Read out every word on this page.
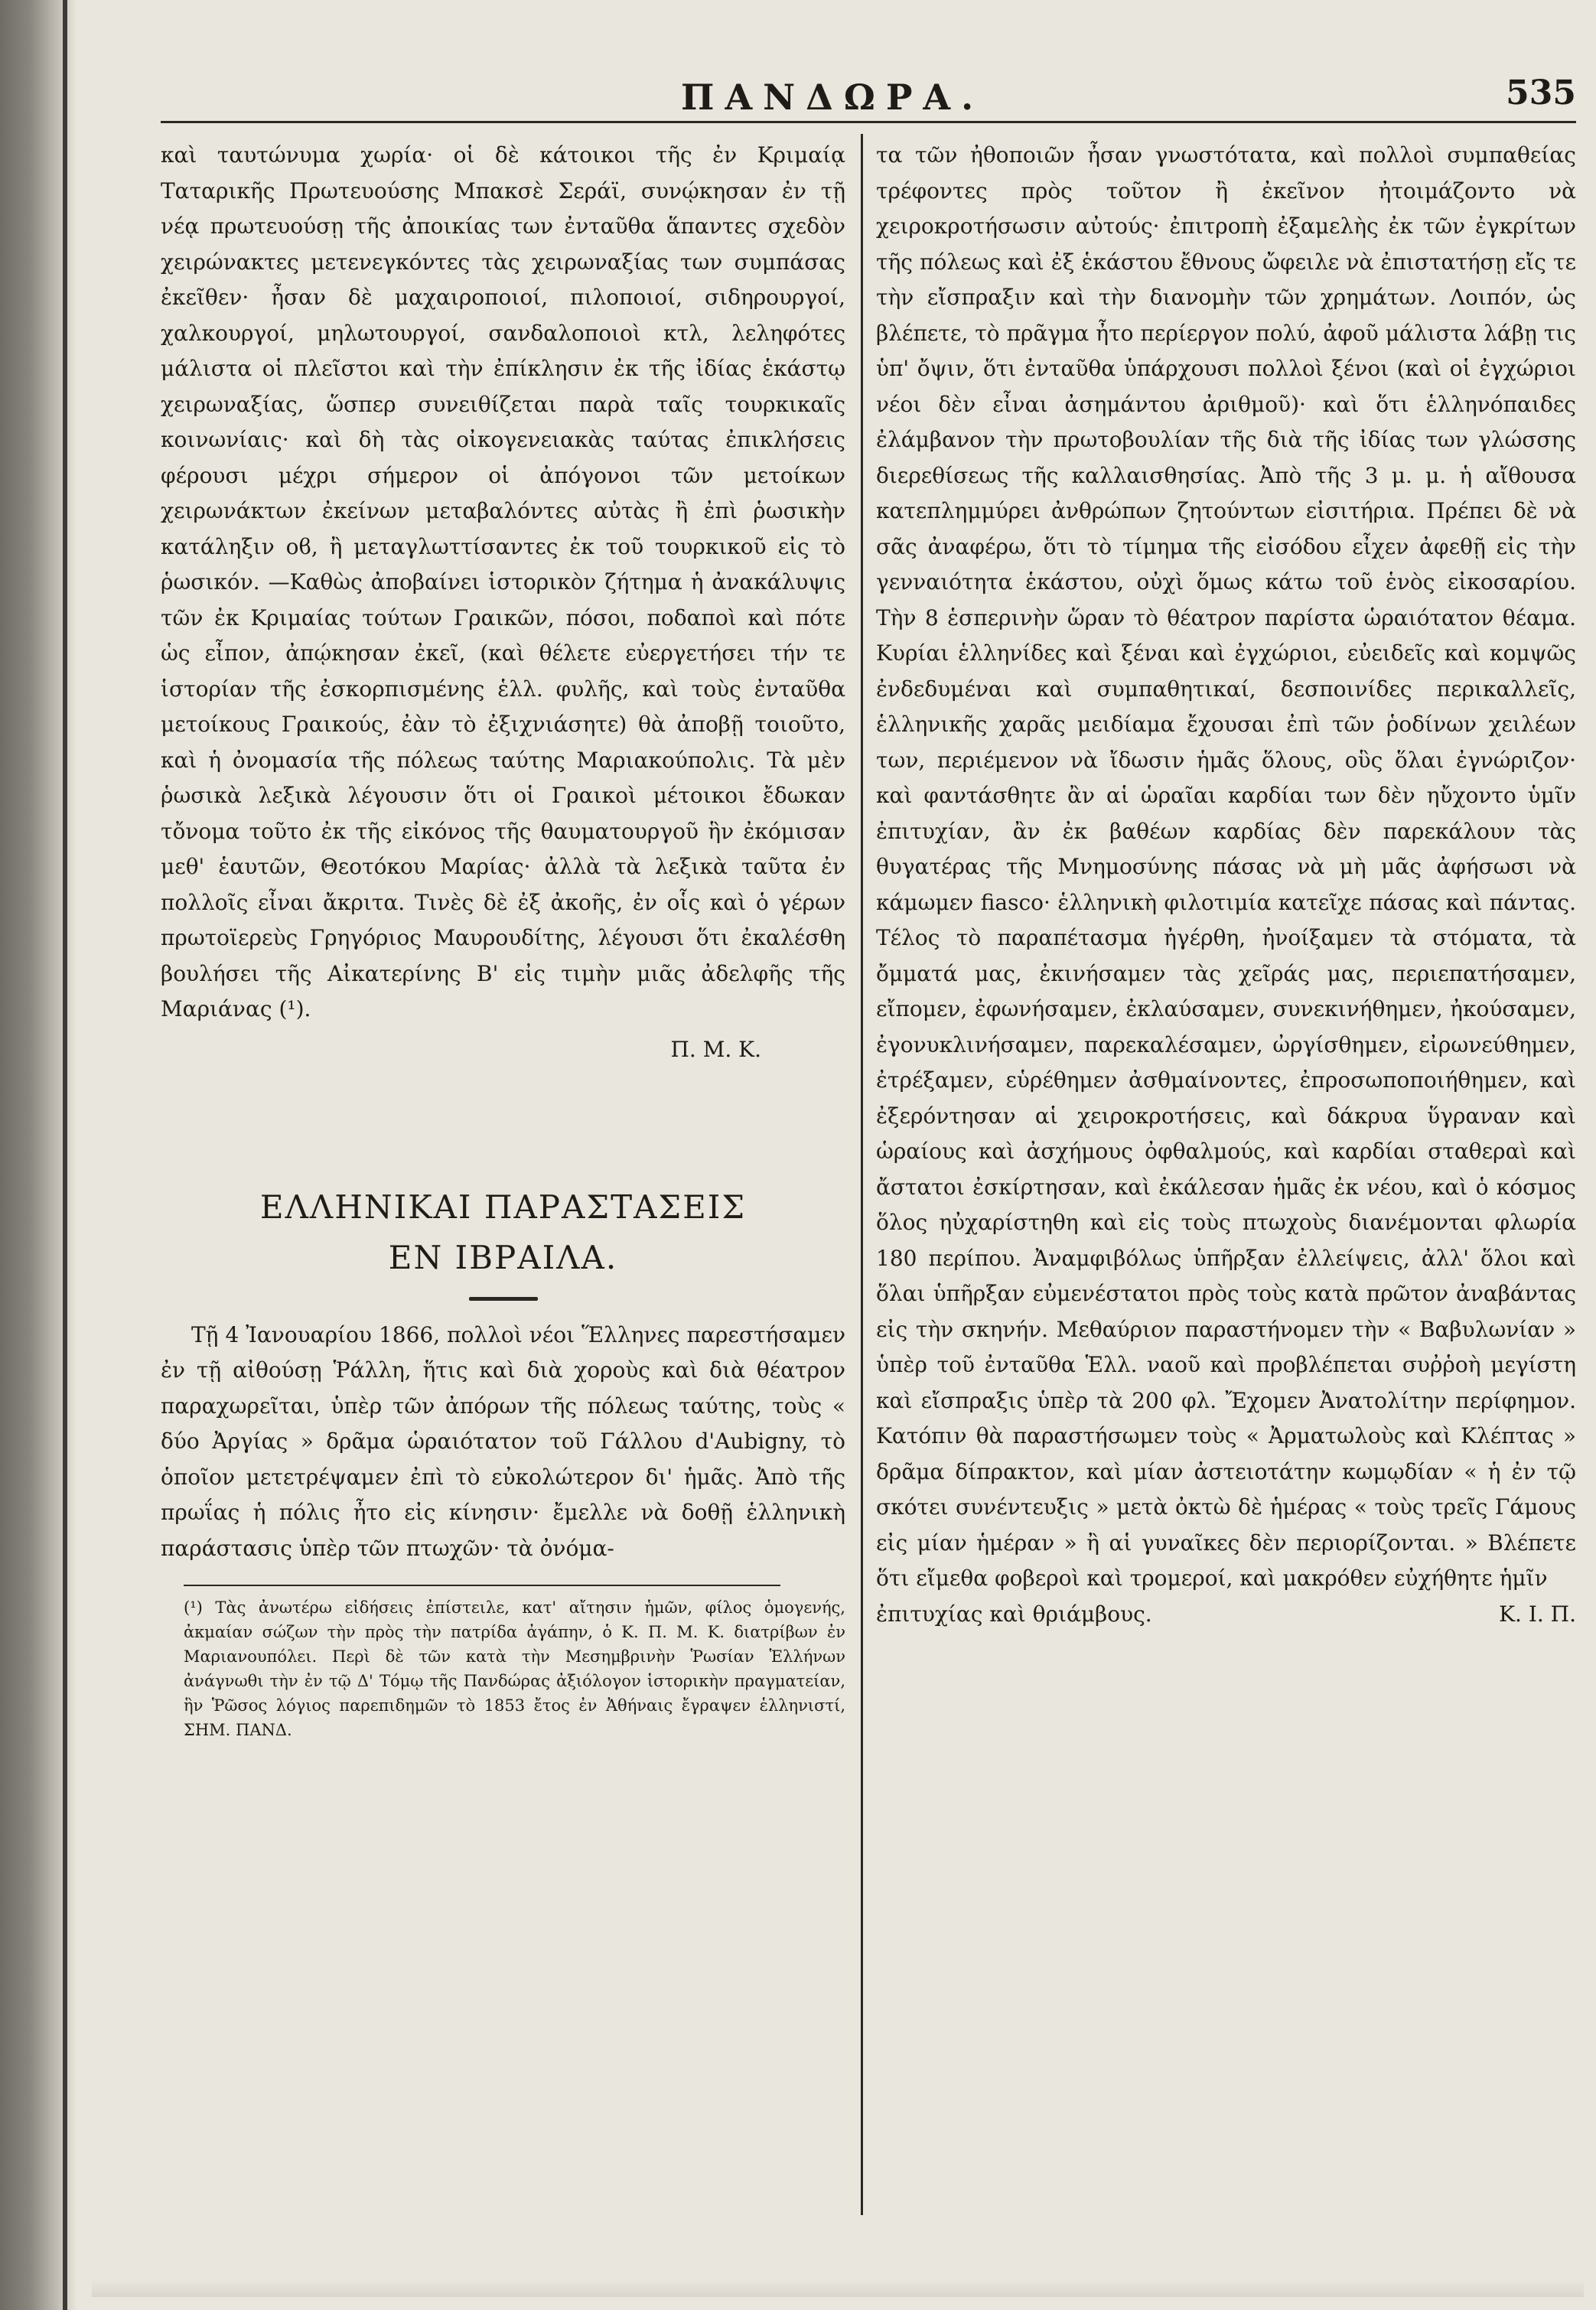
ΠΑΝΔΩΡΑ.	535

καὶ ταυτώνυμα χωρία· οἱ δὲ κάτοικοι τῆς ἐν Κριμαίᾳ Ταταρικῆς Πρωτευούσης Μπακσὲ Σεράϊ, συνῴκησαν ἐν τῇ νέᾳ πρωτευούσῃ τῆς ἀποικίας των ἐνταῦθα ἅπαντες σχεδὸν χειρώνακτες μετενεγκόντες τὰς χειρωναξίας των συμπάσας ἐκεῖθεν· ἦσαν δὲ μαχαιροποιοί, πιλοποιοί, σιδηρουργοί, χαλκουργοί, μηλωτουργοί, σανδαλοποιοὶ κτλ, λεληφότες μάλιστα οἱ πλεῖστοι καὶ τὴν ἐπίκλησιν ἐκ τῆς ἰδίας ἑκάστῳ χειρωναξίας, ὥσπερ συνειθίζεται παρὰ ταῖς τουρκικαῖς κοινωνίαις· καὶ δὴ τὰς οἰκογενειακὰς ταύτας ἐπικλήσεις φέρουσι μέχρι σήμερον οἱ ἀπόγονοι τῶν μετοίκων χειρωνάκτων ἐκείνων μεταβαλόντες αὐτὰς ἢ ἐπὶ ῥωσικὴν κατάληξιν οϐ, ἢ μεταγλωττίσαντες ἐκ τοῦ τουρκικοῦ εἰς τὸ ῥωσικόν. —Καθὼς ἀποβαίνει ἱστορικὸν ζήτημα ἡ ἀνακάλυψις τῶν ἐκ Κριμαίας τούτων Γραικῶν, πόσοι, ποδαποὶ καὶ πότε ὡς εἶπον, ἀπῴκησαν ἐκεῖ, (καὶ θέλετε εὐεργετήσει τήν τε ἱστορίαν τῆς ἐσκορπισμένης ἑλλ. φυλῆς, καὶ τοὺς ἐνταῦθα μετοίκους Γραικούς, ἐὰν τὸ ἐξιχνιάσητε) θὰ ἀποβῇ τοιοῦτο, καὶ ἡ ὀνομασία τῆς πόλεως ταύτης Μαριακούπολις. Τὰ μὲν ῥωσικὰ λεξικὰ λέγουσιν ὅτι οἱ Γραικοὶ μέτοικοι ἔδωκαν τὄνομα τοῦτο ἐκ τῆς εἰκόνος τῆς θαυματουργοῦ ἣν ἐκόμισαν μεθ' ἑαυτῶν, Θεοτόκου Μαρίας· ἀλλὰ τὰ λεξικὰ ταῦτα ἐν πολλοῖς εἶναι ἄκριτα. Τινὲς δὲ ἐξ ἀκοῆς, ἐν οἷς καὶ ὁ γέρων πρωτοϊερεὺς Γρηγόριος Μαυρουδίτης, λέγουσι ὅτι ἐκαλέσθη βουλήσει τῆς Αἰκατερίνης Β' εἰς τιμὴν μιᾶς ἀδελφῆς τῆς Μαριάνας (¹).

Π. Μ. Κ.
ΕΛΛΗΝΙΚΑΙ ΠΑΡΑΣΤΑΣΕΙΣ
ΕΝ ΙΒΡΑΙΛΑ.

Τῇ 4 Ἰανουαρίου 1866, πολλοὶ νέοι Ἕλληνες παρεστήσαμεν ἐν τῇ αἰθούσῃ Ῥάλλη, ἥτις καὶ διὰ χοροὺς καὶ διὰ θέατρον παραχωρεῖται, ὑπὲρ τῶν ἀπόρων τῆς πόλεως ταύτης, τοὺς « δύο Ἀργίας » δρᾶμα ὡραιότατον τοῦ Γάλλου d'Aubigny, τὸ ὁποῖον μετετρέψαμεν ἐπὶ τὸ εὐκολώτερον δι' ἡμᾶς. Ἀπὸ τῆς πρωΐας ἡ πόλις ἦτο εἰς κίνησιν· ἔμελλε νὰ δοθῇ ἑλληνικὴ παράστασις ὑπὲρ τῶν πτωχῶν· τὰ ὀνόμα-

(¹) Τὰς ἀνωτέρω εἰδήσεις ἐπίστειλε, κατ' αἴτησιν ἡμῶν, φίλος ὁμογενής, ἀκμαίαν σώζων τὴν πρὸς τὴν πατρίδα ἀγάπην, ὁ Κ. Π. Μ. Κ. διατρίβων ἐν Μαριανουπόλει. Περὶ δὲ τῶν κατὰ τὴν Μεσημβρινὴν Ῥωσίαν Ἑλλήνων ἀνάγνωθι τὴν ἐν τῷ Δ' Τόμῳ τῆς Πανδώρας ἀξιόλογον ἱστορικὴν πραγματείαν, ἣν Ῥῶσος λόγιος παρεπιδημῶν τὸ 1853 ἔτος ἐν Ἀθήναις ἔγραψεν ἑλληνιστί, ΣΗΜ. ΠΑΝΔ.

τα τῶν ἠθοποιῶν ἦσαν γνωστότατα, καὶ πολλοὶ συμπαθείας τρέφοντες πρὸς τοῦτον ἢ ἐκεῖνον ἠτοιμάζοντο νὰ χειροκροτήσωσιν αὐτούς· ἐπιτροπὴ ἐξαμελὴς ἐκ τῶν ἐγκρίτων τῆς πόλεως καὶ ἐξ ἑκάστου ἔθνους ὤφειλε νὰ ἐπιστατήσῃ εἴς τε τὴν εἴσπραξιν καὶ τὴν διανομὴν τῶν χρημάτων. Λοιπόν, ὡς βλέπετε, τὸ πρᾶγμα ἦτο περίεργον πολύ, ἀφοῦ μάλιστα λάβῃ τις ὑπ' ὄψιν, ὅτι ἐνταῦθα ὑπάρχουσι πολλοὶ ξένοι (καὶ οἱ ἐγχώριοι νέοι δὲν εἶναι ἀσημάντου ἀριθμοῦ)· καὶ ὅτι ἑλληνόπαιδες ἐλάμβανον τὴν πρωτοβουλίαν τῆς διὰ τῆς ἰδίας των γλώσσης διερεθίσεως τῆς καλλαισθησίας. Ἀπὸ τῆς 3 μ. μ. ἡ αἴθουσα κατεπλημμύρει ἀνθρώπων ζητούντων εἰσιτήρια. Πρέπει δὲ νὰ σᾶς ἀναφέρω, ὅτι τὸ τίμημα τῆς εἰσόδου εἶχεν ἀφεθῇ εἰς τὴν γενναιότητα ἑκάστου, οὐχὶ ὅμως κάτω τοῦ ἑνὸς εἰκοσαρίου. Τὴν 8 ἑσπερινὴν ὥραν τὸ θέατρον παρίστα ὡραιότατον θέαμα. Κυρίαι ἑλληνίδες καὶ ξέναι καὶ ἐγχώριοι, εὐειδεῖς καὶ κομψῶς ἐνδεδυμέναι καὶ συμπαθητικαί, δεσποινίδες περικαλλεῖς, ἑλληνικῆς χαρᾶς μειδίαμα ἔχουσαι ἐπὶ τῶν ῥοδίνων χειλέων των, περιέμενον νὰ ἴδωσιν ἡμᾶς ὅλους, οὓς ὅλαι ἐγνώριζον· καὶ φαντάσθητε ἂν αἱ ὡραῖαι καρδίαι των δὲν ηὔχοντο ὑμῖν ἐπιτυχίαν, ἂν ἐκ βαθέων καρδίας δὲν παρεκάλουν τὰς θυγατέρας τῆς Μνημοσύνης πάσας νὰ μὴ μᾶς ἀφήσωσι νὰ κάμωμεν fiasco· ἑλληνικὴ φιλοτιμία κατεῖχε πάσας καὶ πάντας. Τέλος τὸ παραπέτασμα ἠγέρθη, ἠνοίξαμεν τὰ στόματα, τὰ ὄμματά μας, ἐκινήσαμεν τὰς χεῖράς μας, περιεπατήσαμεν, εἴπομεν, ἐφωνήσαμεν, ἐκλαύσαμεν, συνεκινήθημεν, ἠκούσαμεν, ἐγονυκλινήσαμεν, παρεκαλέσαμεν, ὠργίσθημεν, εἰρωνεύθημεν, ἐτρέξαμεν, εὑρέθημεν ἀσθμαίνοντες, ἐπροσωποποιήθημεν, καὶ ἐξερόντησαν αἱ χειροκροτήσεις, καὶ δάκρυα ὕγραναν καὶ ὡραίους καὶ ἀσχήμους ὀφθαλμούς, καὶ καρδίαι σταθεραὶ καὶ ἄστατοι ἐσκίρτησαν, καὶ ἐκάλεσαν ἡμᾶς ἐκ νέου, καὶ ὁ κόσμος ὅλος ηὐχαρίστηθη καὶ εἰς τοὺς πτωχοὺς διανέμονται φλωρία 180 περίπου. Ἀναμφιβόλως ὑπῆρξαν ἐλλείψεις, ἀλλ' ὅλοι καὶ ὅλαι ὑπῆρξαν εὐμενέστατοι πρὸς τοὺς κατὰ πρῶτον ἀναβάντας εἰς τὴν σκηνήν. Μεθαύριον παραστήνομεν τὴν « Βαβυλωνίαν » ὑπὲρ τοῦ ἐνταῦθα Ἑλλ. ναοῦ καὶ προβλέπεται συῤῥοὴ μεγίστη καὶ εἴσπραξις ὑπὲρ τὰ 200 φλ. Ἔχομεν Ἀνατολίτην περίφημον. Κατόπιν θὰ παραστήσωμεν τοὺς « Ἀρματωλοὺς καὶ Κλέπτας » δρᾶμα δίπρακτον, καὶ μίαν ἀστειοτάτην κωμῳδίαν « ἡ ἐν τῷ σκότει συνέντευξις » μετὰ ὀκτὼ δὲ ἡμέρας « τοὺς τρεῖς Γάμους εἰς μίαν ἡμέραν » ἢ αἱ γυναῖκες δὲν περιορίζονται. » Βλέπετε ὅτι εἴμεθα φοβεροὶ καὶ τρομεροί, καὶ μακρόθεν εὐχήθητε ἡμῖν

ἐπιτυχίας καὶ θριάμβους.	Κ. Ι. Π.
